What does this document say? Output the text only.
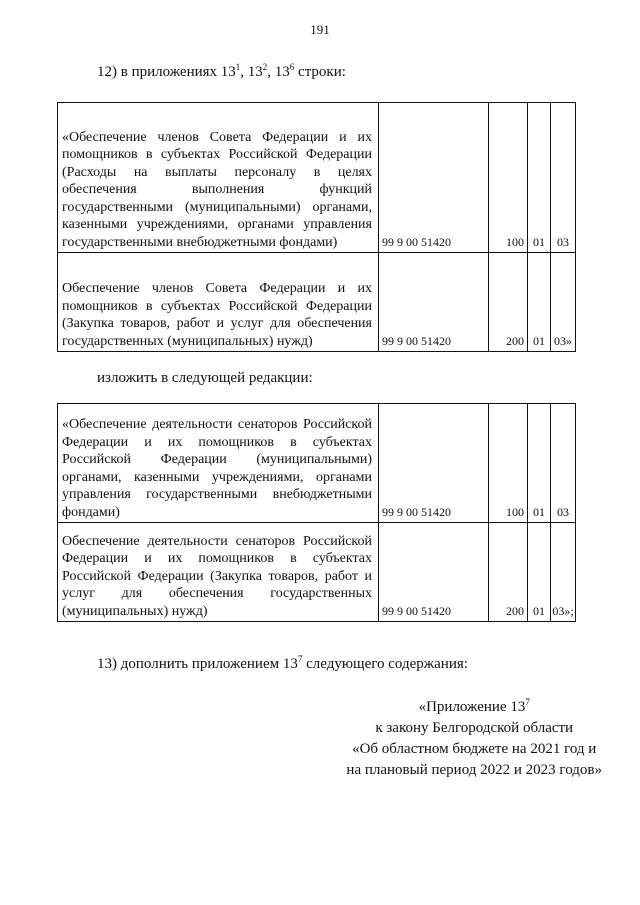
191
12) в приложениях $13^1$, $13^2$, $13^6$ строки:
«Обеспечение членов Совета Федерации и их помощников в субъектах Российской Федерации (Расходы на выплаты персоналу в целях обеспечения выполнения функций государственными (муниципальными) органами, казенными учреждениями, органами управления государственными внебюджетными фондами)	99 9 00 51420	100	01	03

Обеспечение членов Совета Федерации и их помощников в субъектах Российской Федерации (Закупка товаров, работ и услуг для обеспечения государственных (муниципальных) нужд)	99 9 00 51420	200	01	03»
изложить в следующей редакции:
«Обеспечение деятельности сенаторов Российской Федерации и их помощников в субъектах Российской Федерации (муниципальными) органами, казенными учреждениями, органами управления государственными внебюджетными фондами)	99 9 00 51420	100	01	03

Обеспечение деятельности сенаторов Российской Федерации и их помощников в субъектах Российской Федерации (Закупка товаров, работ и услуг для обеспечения государственных (муниципальных) нужд)	99 9 00 51420	200	01	03»;
13) дополнить приложением $13^7$ следующего содержания:
«Приложение $13^7$
к закону Белгородской области
«Об областном бюджете на 2021 год и
на плановый период 2022 и 2023 годов»
